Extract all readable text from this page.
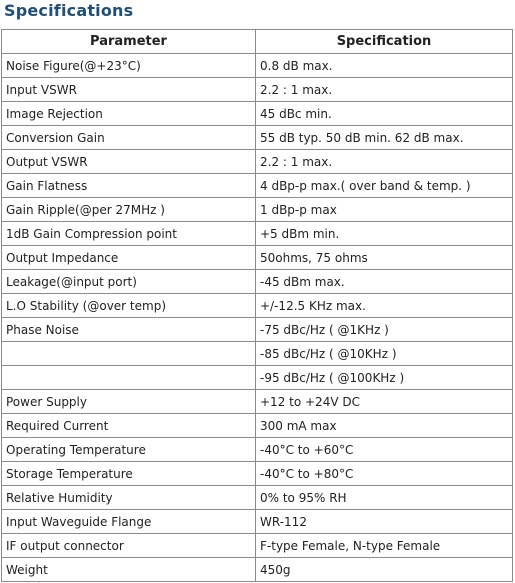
Specifications
Parameter	Specification
Noise Figure(@+23°C)	0.8 dB max.
Input VSWR	2.2 : 1 max.
Image Rejection	45 dBc min.
Conversion Gain	55 dB typ. 50 dB min. 62 dB max.
Output VSWR	2.2 : 1 max.
Gain Flatness	4 dBp-p max.( over band & temp. )
Gain Ripple(@per 27MHz )	1 dBp-p max
1dB Gain Compression point	+5 dBm min.
Output Impedance	50ohms, 75 ohms
Leakage(@input port)	-45 dBm max.
L.O Stability (@over temp)	+/-12.5 KHz max.
Phase Noise	-75 dBc/Hz ( @1KHz )
	-85 dBc/Hz ( @10KHz )
	-95 dBc/Hz ( @100KHz )
Power Supply	+12 to +24V DC
Required Current	300 mA max
Operating Temperature	-40°C to +60°C
Storage Temperature	-40°C to +80°C
Relative Humidity	0% to 95% RH
Input Waveguide Flange	WR-112
IF output connector	F-type Female, N-type Female
Weight	450g
